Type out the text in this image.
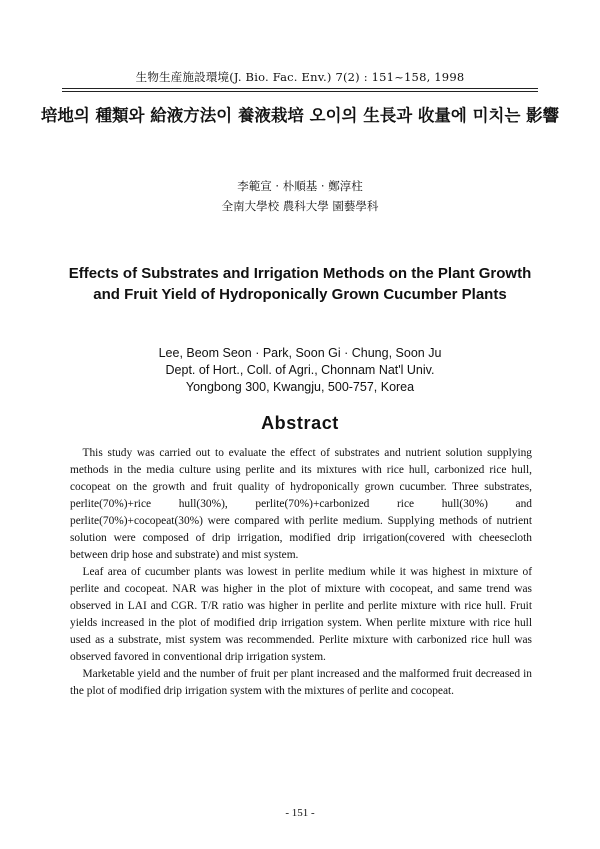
生物生産施設環境(J. Bio. Fac. Env.) 7(2) : 151~158, 1998
培地의 種類와 給液方法이 養液栽培 오이의 生長과 收量에 미치는 影響
李範宣 · 朴順基 · 鄭淳柱
全南大學校 農科大學 園藝學科
Effects of Substrates and Irrigation Methods on the Plant Growth and Fruit Yield of Hydroponically Grown Cucumber Plants
Lee, Beom Seon · Park, Soon Gi · Chung, Soon Ju
Dept. of Hort., Coll. of Agri., Chonnam Nat'l Univ.
Yongbong 300, Kwangju, 500-757, Korea
Abstract

This study was carried out to evaluate the effect of substrates and nutrient solution supplying methods in the media culture using perlite and its mixtures with rice hull, carbonized rice hull, cocopeat on the growth and fruit quality of hydroponically grown cucumber. Three substrates, perlite(70%)+rice hull(30%), perlite(70%)+carbonized rice hull(30%) and perlite(70%)+cocopeat(30%) were compared with perlite medium. Supplying methods of nutrient solution were composed of drip irrigation, modified drip irrigation(covered with cheesecloth between drip hose and substrate) and mist system.

Leaf area of cucumber plants was lowest in perlite medium while it was highest in mixture of perlite and cocopeat. NAR was higher in the plot of mixture with cocopeat, and same trend was observed in LAI and CGR. T/R ratio was higher in perlite and perlite mixture with rice hull. Fruit yields increased in the plot of modified drip irrigation system. When perlite mixture with rice hull used as a substrate, mist system was recommended. Perlite mixture with carbonized rice hull was observed favored in conventional drip irrigation system.

Marketable yield and the number of fruit per plant increased and the malformed fruit decreased in the plot of modified drip irrigation system with the mixtures of perlite and cocopeat.

- 151 -
